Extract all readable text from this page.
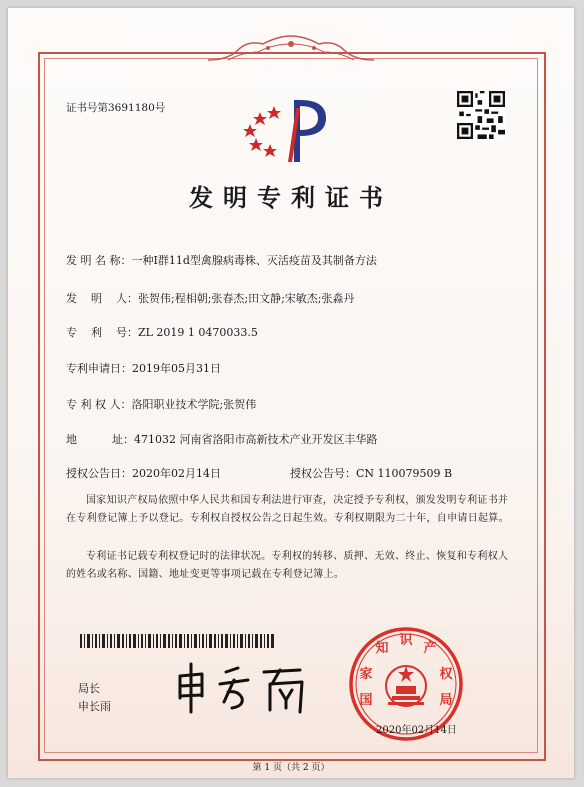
证书号第3691180号
发明专利证书
发 明 名 称：一种I群11d型禽腺病毒株、灭活疫苗及其制备方法
发    明    人：张贺伟;程相朝;张春杰;田文静;宋敏杰;张淼丹
专    利    号：ZL 2019 1 0470033.5
专利申请日：2019年05月31日
专 利 权 人：洛阳职业技术学院;张贺伟
地          址：471032 河南省洛阳市高新技术产业开发区丰华路
授权公告日：2020年02月14日	授权公告号：CN 110079509 B
国家知识产权局依照中华人民共和国专利法进行审查，决定授予专利权，颁发发明专利证书并在专利登记簿上予以登记。专利权自授权公告之日起生效。专利权期限为二十年，自申请日起算。
专利证书记载专利权登记时的法律状况。专利权的转移、质押、无效、终止、恢复和专利权人的姓名或名称、国籍、地址变更等事项记载在专利登记簿上。
局长
申长雨	国
家
知
识
产
权
局
2020年02月14日
第 1 页（共 2 页）
